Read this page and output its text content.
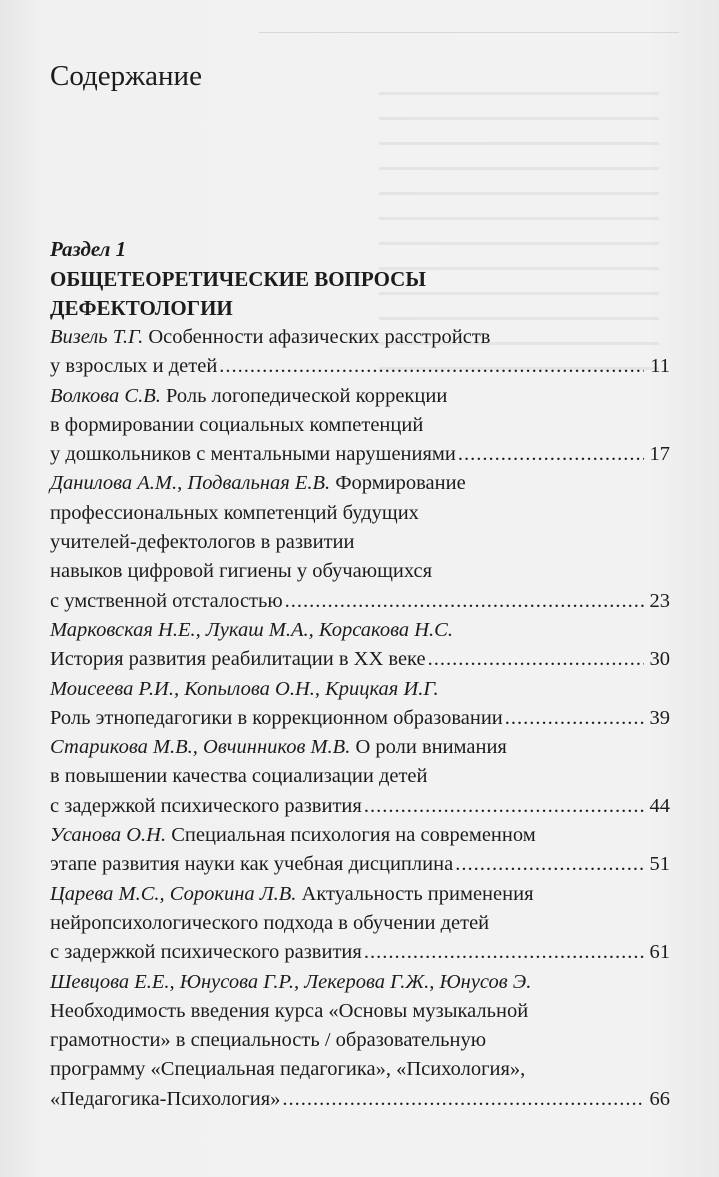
Содержание
Раздел 1
ОБЩЕТЕОРЕТИЧЕСКИЕ ВОПРОСЫ ДЕФЕКТОЛОГИИ
Визель Т.Г. Особенности афазических расстройств
у взрослых и детей .....	11
Волкова С.В. Роль логопедической коррекции
в формировании социальных компетенций
у дошкольников с ментальными нарушениями .....	17
Данилова А.М., Подвальная Е.В. Формирование
профессиональных компетенций будущих
учителей-дефектологов в развитии
навыков цифровой гигиены у обучающихся
с умственной отсталостью .....	23
Марковская Н.Е., Лукаш М.А., Корсакова Н.С.
История развития реабилитации в XX веке .....	30
Моисеева Р.И., Копылова О.Н., Крицкая И.Г.
Роль этнопедагогики в коррекционном образовании .....	39
Старикова М.В., Овчинников М.В. О роли внимания
в повышении качества социализации детей
с задержкой психического развития .....	44
Усанова О.Н. Специальная психология на современном
этапе развития науки как учебная дисциплина .....	51
Царева М.С., Сорокина Л.В. Актуальность применения
нейропсихологического подхода в обучении детей
с задержкой психического развития .....	61
Шевцова Е.Е., Юнусова Г.Р., Лекерова Г.Ж., Юнусов Э.
Необходимость введения курса «Основы музыкальной
грамотности» в специальность / образовательную
программу «Специальная педагогика», «Психология»,
«Педагогика-Психология» .....	66
